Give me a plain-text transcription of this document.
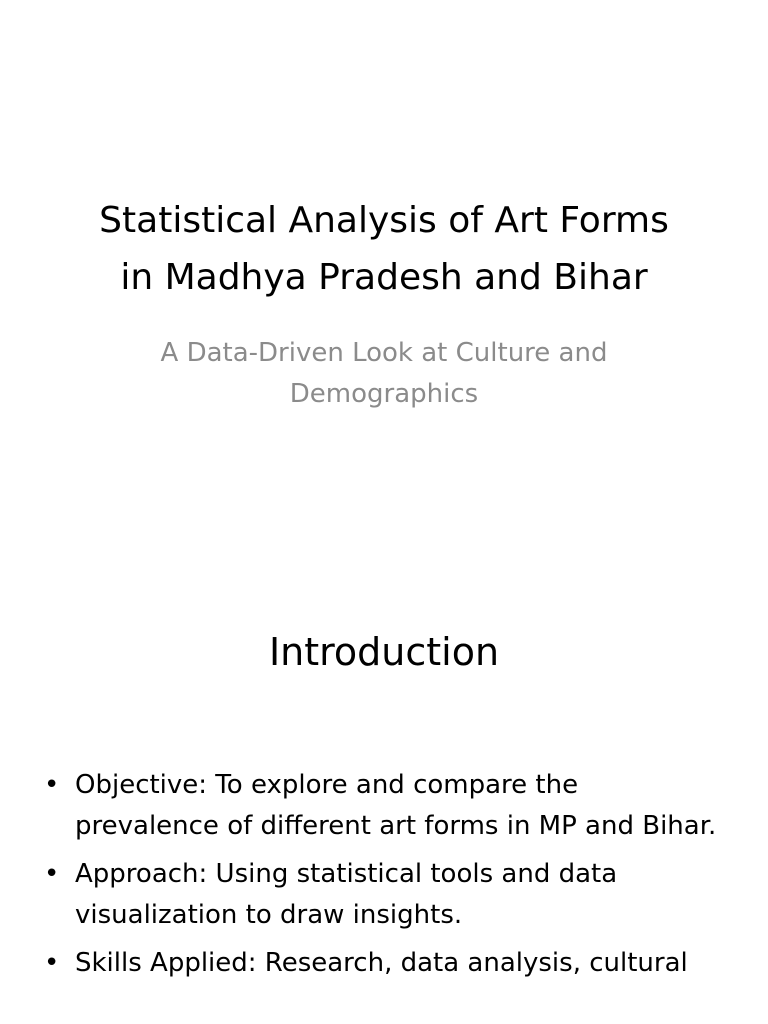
Statistical Analysis of Art Forms
in Madhya Pradesh and Bihar

A Data-Driven Look at Culture and
Demographics

Introduction
• Objective: To explore and compare the prevalence of different art forms in MP and Bihar.
• Approach: Using statistical tools and data visualization to draw insights.
• Skills Applied: Research, data analysis, cultural
